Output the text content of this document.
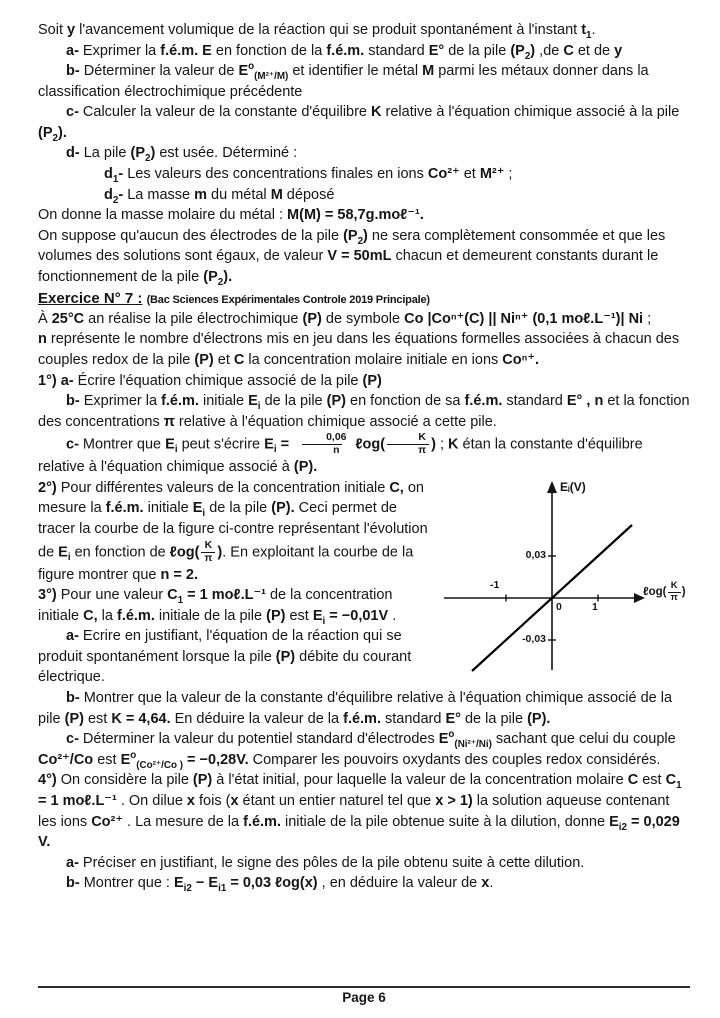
Soit y l'avancement volumique de la réaction qui se produit spontanément à l'instant $t_1$.

a- Exprimer la f.é.m. E en fonction de la f.é.m. standard E° de la pile $(P_2)$ ,de C et de y

b- Déterminer la valeur de $E^o_{(M^{2+}/M)}$ et identifier le métal M parmi les métaux donner dans la classification électrochimique précédente

c- Calculer la valeur de la constante d'équilibre K relative à l'équation chimique associé à la pile $(P_2)$.

d- La pile $(P_2)$ est usée. Déterminé :

$d_1-$ Les valeurs des concentrations finales en ions Co²⁺ et M²⁺ ;

$d_2-$ La masse m du métal M déposé

On donne la masse molaire du métal : M(M) = 58,7g.moℓ⁻¹.

On suppose qu'aucun des électrodes de la pile $(P_2)$ ne sera complètement consommée et que les volumes des solutions sont égaux, de valeur V = 50mL chacun et demeurent constants durant le fonctionnement de la pile $(P_2)$.

Exercice N° 7 : (Bac Sciences Expérimentales Controle 2019 Principale)

À 25°C an réalise la pile électrochimique (P) de symbole Co |Coⁿ⁺(C) || Niⁿ⁺ (0,1 moℓ.L⁻¹)| Ni ;

n représente le nombre d'électrons mis en jeu dans les équations formelles associées à chacun des couples redox de la pile (P) et C la concentration molaire initiale en ions Coⁿ⁺.

1°) a- Écrire l'équation chimique associé de la pile (P)

b- Exprimer la f.é.m. initiale $E_i$ de la pile (P) en fonction de sa f.é.m. standard E° , n et la fonction des concentrations π relative à l'équation chimique associé a cette pile.

c- Montrer que $E_i$ peut s'écrire $E_i = \frac{0,06}{n}$ ℓog( $\frac{K}{\pi}$ ) ; K étan la constante d'équilibre relative à l'équation chimique associé à (P).

Eᵢ(V)
ℓog ( $\frac{K}{\pi}$ )
-1
0	1
0,03
-0,03

2°) Pour différentes valeurs de la concentration initiale C, on mesure la f.é.m. initiale $E_i$ de la pile (P). Ceci permet de tracer la courbe de la figure ci-contre représentant l'évolution de $E_i$ en fonction de ℓog( $\frac{K}{\pi}$ ). En exploitant la courbe de la figure montrer que n = 2.

3°) Pour une valeur $C_1 = 1$ moℓ.L⁻¹ de la concentration initiale C, la f.é.m. initiale de la pile (P) est $E_i = -0,01V$ .

a- Ecrire en justifiant, l'équation de la réaction qui se produit spontanément lorsque la pile (P) débite du courant électrique.

b- Montrer que la valeur de la constante d'équilibre relative à l'équation chimique associé de la pile (P) est K = 4,64. En déduire la valeur de la f.é.m. standard E° de la pile (P).

c- Déterminer la valeur du potentiel standard d'électrodes $E^o_{(Ni^{2+}/Ni)}$ sachant que celui du couple Co²⁺/Co est $E^o_{(Co^{2+}/Co )} = -0,28V$. Comparer les pouvoirs oxydants des couples redox considérés.

4°) On considère la pile (P) à l'état initial, pour laquelle la valeur de la concentration molaire C est $C_1 = 1$ moℓ.L⁻¹ . On dilue x fois (x étant un entier naturel tel que x > 1) la solution aqueuse contenant les ions Co²⁺ . La mesure de la f.é.m. initiale de la pile obtenue suite à la dilution, donne $E_{i2} = 0,029$ V.

a- Préciser en justifiant, le signe des pôles de la pile obtenu suite à cette dilution.

b- Montrer que : $E_{i2} - E_{i1} = 0,03$ ℓog(x) , en déduire la valeur de x.

Page 6
